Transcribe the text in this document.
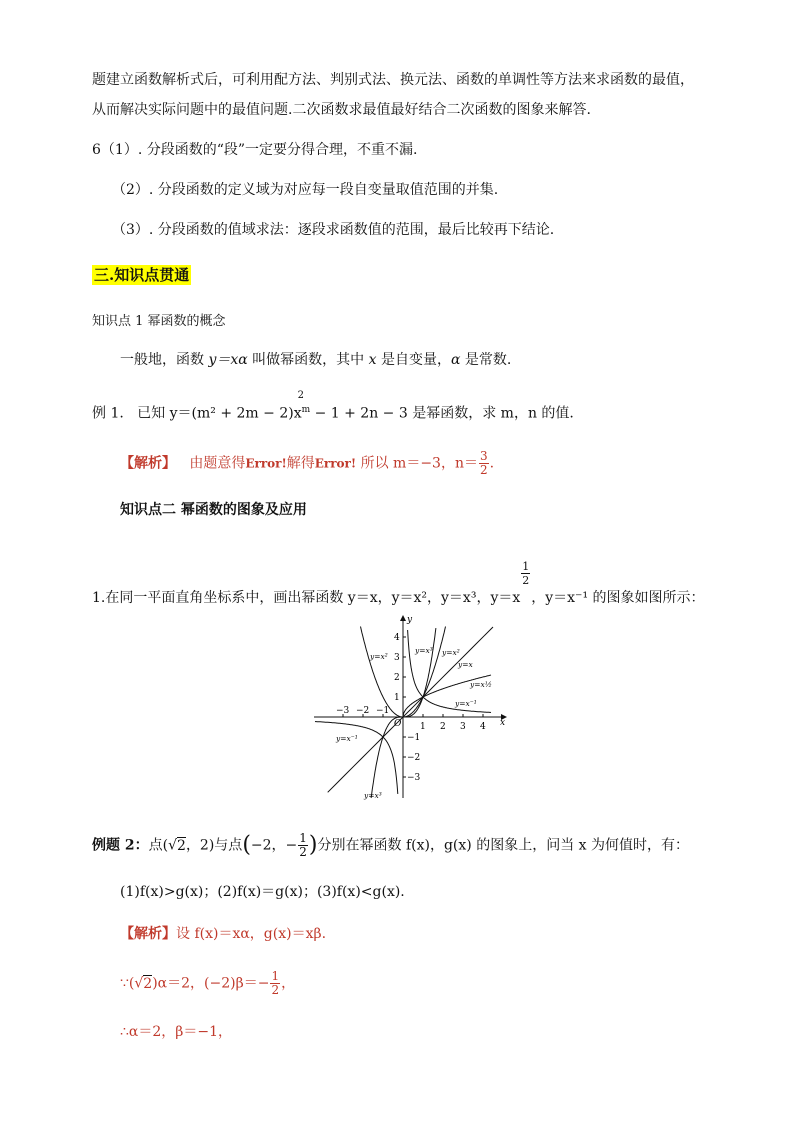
题建立函数解析式后，可利用配方法、判别式法、换元法、函数的单调性等方法来求函数的最值，
从而解决实际问题中的最值问题.二次函数求最值最好结合二次函数的图象来解答.
6（1）. 分段函数的“段”一定要分得合理，不重不漏.
（2）. 分段函数的定义域为对应每一段自变量取值范围的并集.
（3）. 分段函数的值域求法：逐段求函数值的范围，最后比较再下结论.
三.知识点贯通
知识点 1 幂函数的概念
一般地，函数 y＝xα 叫做幂函数，其中 x 是自变量，α 是常数.
例 1. 已知 y＝(m² + 2m − 2)x
2
$^m$ − 1 + 2n − 3 是幂函数，求 m，n 的值.
【解析】 由题意得Error!解得Error! 所以 m＝−3，$n= \frac{3}{2}$ .
知识点二 幂函数的图象及应用
1.在同一平面直角坐标系中，画出幂函数 y＝x，y＝x²，y＝x³，y＝x
$\frac{1}{2}$
，y＝x⁻¹ 的图象如图所示：
−3 −2 −1
1 2 3 4
4
3
2
1
−1
−2
−3
x
y
O
y=x²
y=x³ y=x²
y=x
y=x½
y=x⁻¹
y=x⁻¹
y=x³
例题 2：点(√2，2)与点(−2，− $\frac{1}{2}$ )分别在幂函数 f(x)，g(x) 的图象上，问当 x 为何值时，有：
(1)f(x)>g(x)；(2)f(x)＝g(x)；(3)f(x)<g(x).
【解析】设 f(x)＝xα，g(x)＝xβ.
∵(√2)α＝2，$(-2)\beta=- \frac{1}{2}$ ，
∴α＝2，β＝−1，
